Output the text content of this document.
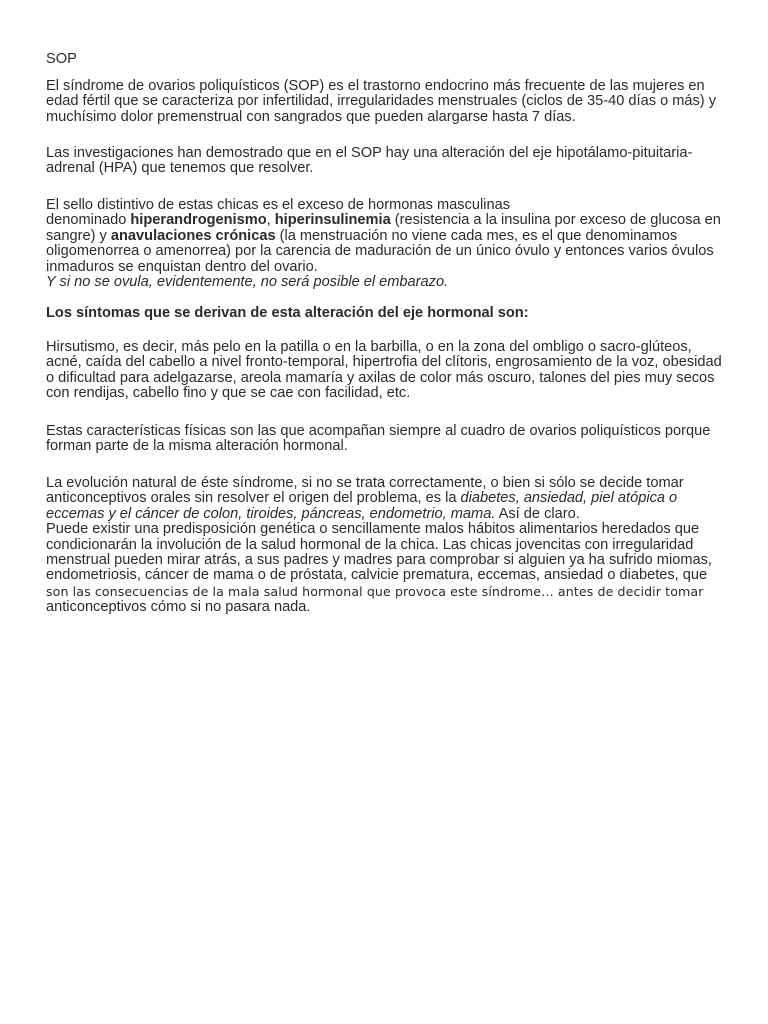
SOP

El síndrome de ovarios poliquísticos (SOP) es el trastorno endocrino más frecuente de las mujeres en edad fértil que se caracteriza por infertilidad, irregularidades menstruales (ciclos de 35-40 días o más) y muchísimo dolor premenstrual con sangrados que pueden alargarse hasta 7 días.

Las investigaciones han demostrado que en el SOP hay una alteración del eje hipotálamo-pituitaria-adrenal (HPA) que tenemos que resolver.

El sello distintivo de estas chicas es el exceso de hormonas masculinas
denominado hiperandrogenismo, hiperinsulinemia (resistencia a la insulina por exceso de glucosa en sangre) y anavulaciones crónicas (la menstruación no viene cada mes, es el que denominamos oligomenorrea o amenorrea) por la carencia de maduración de un único óvulo y entonces varios óvulos inmaduros se enquistan dentro del ovario.
Y si no se ovula, evidentemente, no será posible el embarazo.

Los síntomas que se derivan de esta alteración del eje hormonal son:

Hirsutismo, es decir, más pelo en la patilla o en la barbilla, o en la zona del ombligo o sacro-glúteos, acné, caída del cabello a nivel fronto-temporal, hipertrofia del clítoris, engrosamiento de la voz, obesidad o dificultad para adelgazarse, areola mamaría y axilas de color más oscuro, talones del pies muy secos con rendijas, cabello fino y que se cae con facilidad, etc.

Estas características físicas son las que acompañan siempre al cuadro de ovarios poliquísticos porque forman parte de la misma alteración hormonal.

La evolución natural de éste síndrome, si no se trata correctamente, o bien si sólo se decide tomar anticonceptivos orales sin resolver el origen del problema, es la diabetes, ansiedad, piel atópica o eccemas y el cáncer de colon, tiroides, páncreas, endometrio, mama. Así de claro.
Puede existir una predisposición genética o sencillamente malos hábitos alimentarios heredados que condicionarán la involución de la salud hormonal de la chica. Las chicas jovencitas con irregularidad menstrual pueden mirar atrás, a sus padres y madres para comprobar si alguien ya ha sufrido miomas, endometriosis, cáncer de mama o de próstata, calvicie prematura, eccemas, ansiedad o diabetes, que
son las consecuencias de la mala salud hormonal que provoca este síndrome… antes de decidir tomar
anticonceptivos cómo si no pasara nada.
